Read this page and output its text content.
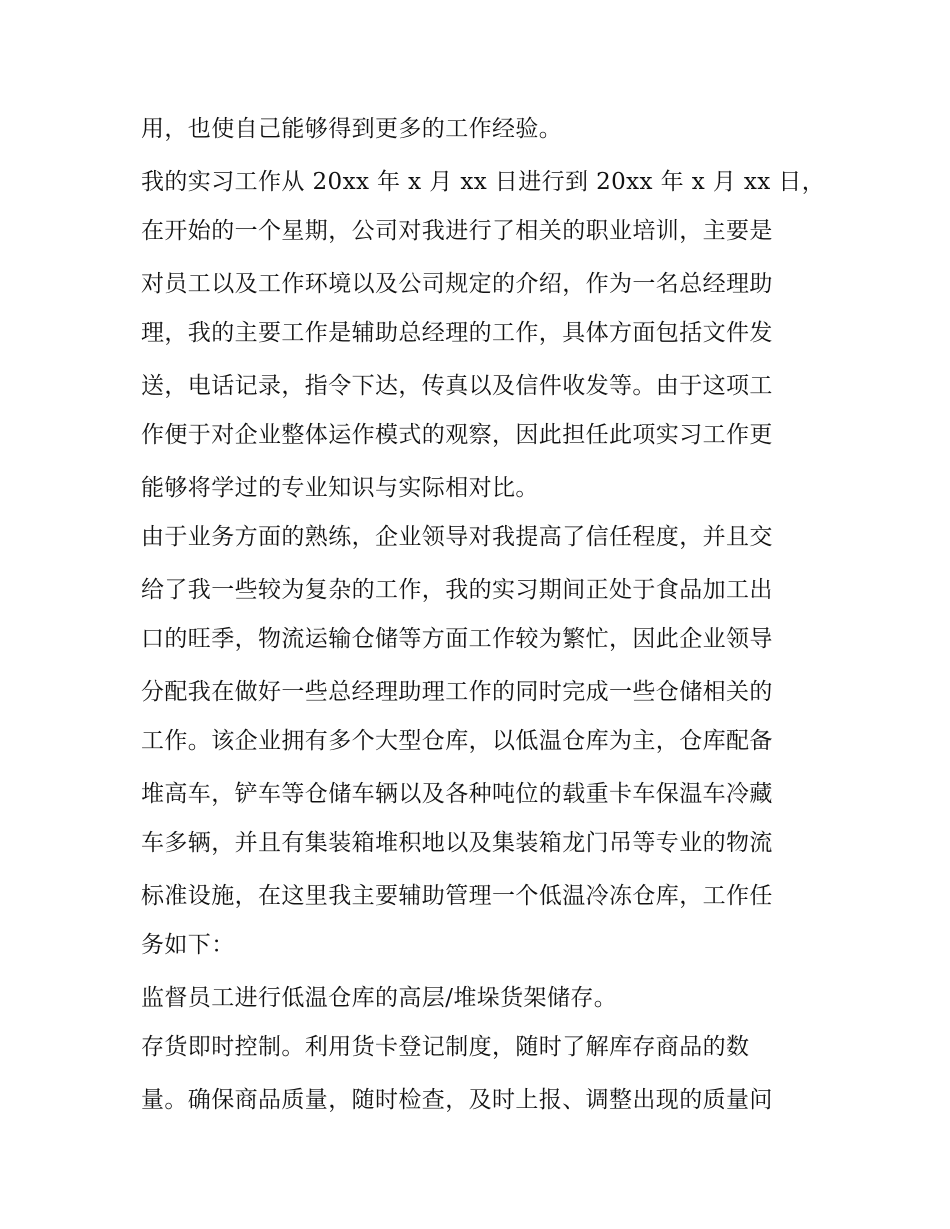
用，也使自己能够得到更多的工作经验。

我的实习工作从 20xx 年 x 月 xx 日进行到 20xx 年 x 月 xx 日，

在开始的一个星期，公司对我进行了相关的职业培训，主要是

对员工以及工作环境以及公司规定的介绍，作为一名总经理助

理，我的主要工作是辅助总经理的工作，具体方面包括文件发

送，电话记录，指令下达，传真以及信件收发等。由于这项工

作便于对企业整体运作模式的观察，因此担任此项实习工作更

能够将学过的专业知识与实际相对比。

由于业务方面的熟练，企业领导对我提高了信任程度，并且交

给了我一些较为复杂的工作，我的实习期间正处于食品加工出

口的旺季，物流运输仓储等方面工作较为繁忙，因此企业领导

分配我在做好一些总经理助理工作的同时完成一些仓储相关的

工作。该企业拥有多个大型仓库，以低温仓库为主，仓库配备

堆高车，铲车等仓储车辆以及各种吨位的载重卡车保温车冷藏

车多辆，并且有集装箱堆积地以及集装箱龙门吊等专业的物流

标准设施，在这里我主要辅助管理一个低温冷冻仓库，工作任

务如下：

监督员工进行低温仓库的高层/堆垛货架储存。

存货即时控制。利用货卡登记制度，随时了解库存商品的数

量。确保商品质量，随时检查，及时上报、调整出现的质量问
